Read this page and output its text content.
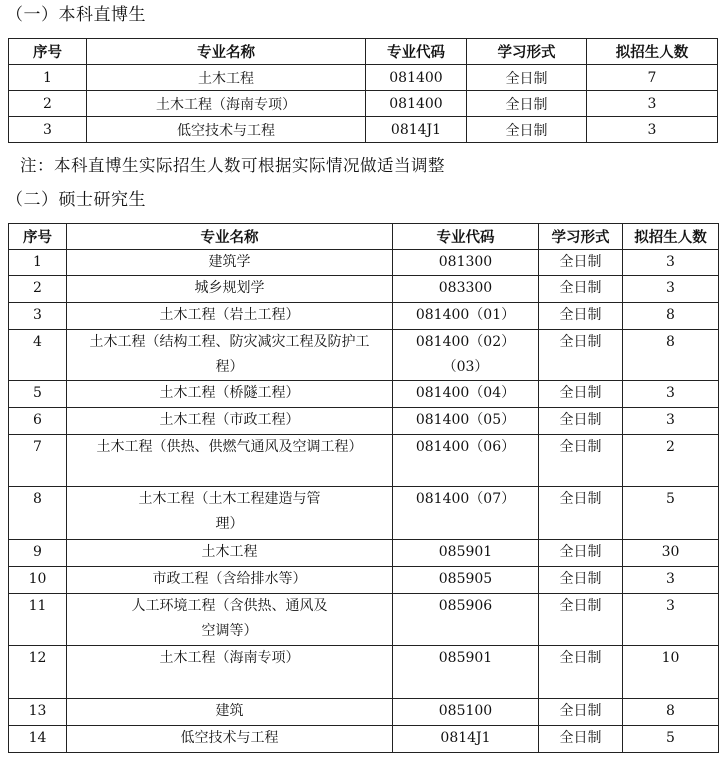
（一）本科直博生
序号	专业名称	专业代码	学习形式	拟招生人数
1	土木工程	081400	全日制	7
2	土木工程（海南专项）	081400	全日制	3
3	低空技术与工程	0814J1	全日制	3
注：本科直博生实际招生人数可根据实际情况做适当调整
（二）硕士研究生
序号	专业名称	专业代码	学习形式	拟招生人数

1	建筑学	081300	全日制	3

2	城乡规划学	083300	全日制	3

3	土木工程（岩土工程）	081400（01）	全日制	8

4	土木工程（结构工程、防灾减灾工程及防护工程）	081400（02）（03）	全日制	8

5	土木工程（桥隧工程）	081400（04）	全日制	3

6	土木工程（市政工程）	081400（05）	全日制	3

7	土木工程（供热、供燃气通风及空调工程）	081400（06）	全日制	2

8	土木工程（土木工程建造与管理）	081400（07）	全日制	5

9	土木工程	085901	全日制	30

10	市政工程（含给排水等）	085905	全日制	3

11	人工环境工程（含供热、通风及空调等）	085906	全日制	3

12	土木工程（海南专项）	085901	全日制	10

13	建筑	085100	全日制	8

14	低空技术与工程	0814J1	全日制	5
